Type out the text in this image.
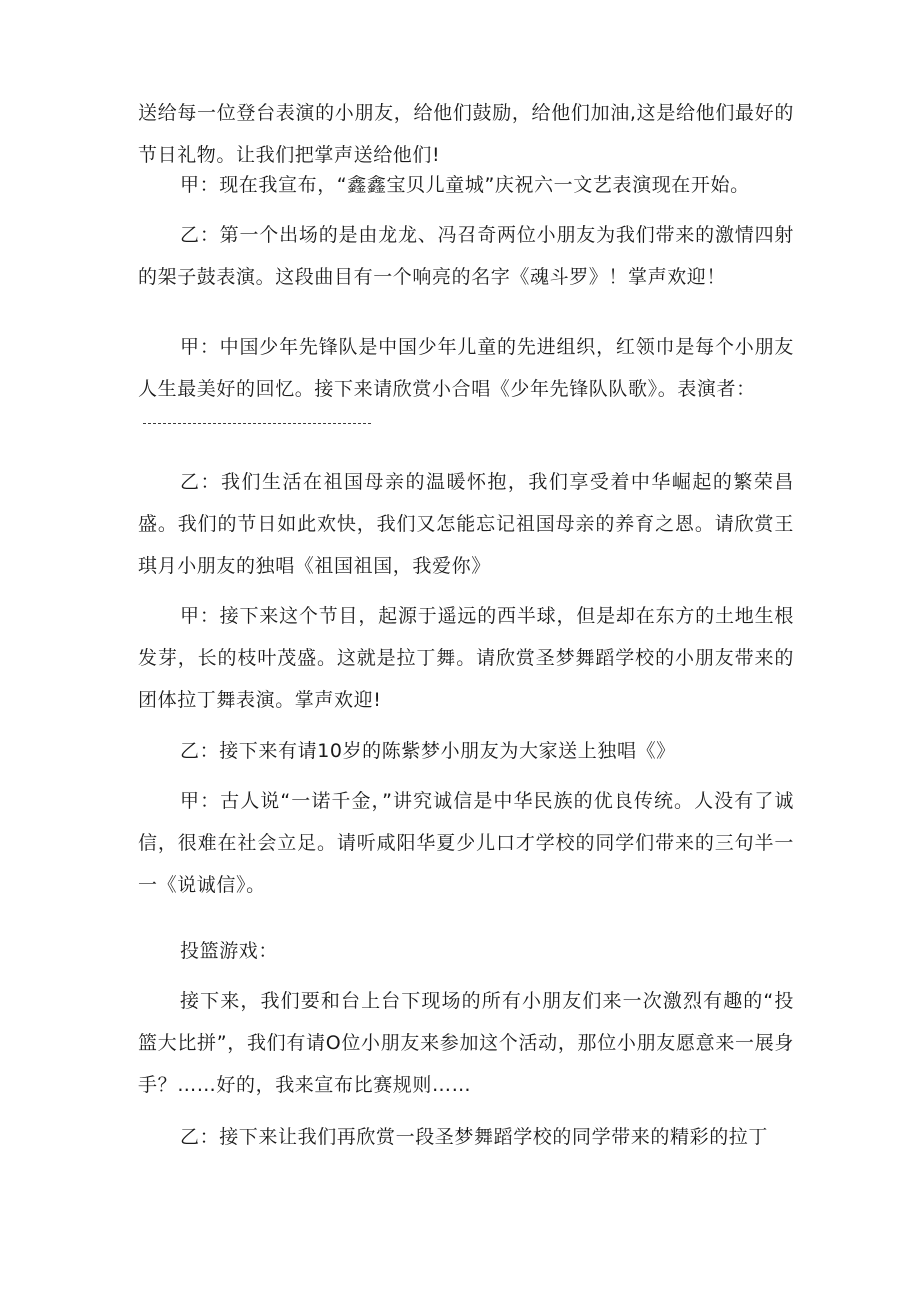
送给每一位登台表演的小朋友，给他们鼓励，给他们加油,这是给他们最好的节日礼物。让我们把掌声送给他们!

甲：现在我宣布，“鑫鑫宝贝儿童城”庆祝六一文艺表演现在开始。

乙：第一个出场的是由龙龙、冯召奇两位小朋友为我们带来的激情四射的架子鼓表演。这段曲目有一个响亮的名字《魂斗罗》！掌声欢迎！

甲：中国少年先锋队是中国少年儿童的先进组织，红领巾是每个小朋友人生最美好的回忆。接下来请欣赏小合唱《少年先锋队队歌》。表演者：

乙：我们生活在祖国母亲的温暖怀抱，我们享受着中华崛起的繁荣昌盛。我们的节日如此欢快，我们又怎能忘记祖国母亲的养育之恩。请欣赏王琪月小朋友的独唱《祖国祖国，我爱你》

甲：接下来这个节目，起源于遥远的西半球，但是却在东方的土地生根发芽，长的枝叶茂盛。这就是拉丁舞。请欣赏圣梦舞蹈学校的小朋友带来的团体拉丁舞表演。掌声欢迎!

乙：接下来有请10岁的陈紫梦小朋友为大家送上独唱《》

甲：古人说“一诺千金，”讲究诚信是中华民族的优良传统。人没有了诚信，很难在社会立足。请听咸阳华夏少儿口才学校的同学们带来的三句半一一《说诚信》。

投篮游戏：

接下来，我们要和台上台下现场的所有小朋友们来一次激烈有趣的“投篮大比拼”，我们有请O位小朋友来参加这个活动，那位小朋友愿意来一展身手？……好的，我来宣布比赛规则……

乙：接下来让我们再欣赏一段圣梦舞蹈学校的同学带来的精彩的拉丁
